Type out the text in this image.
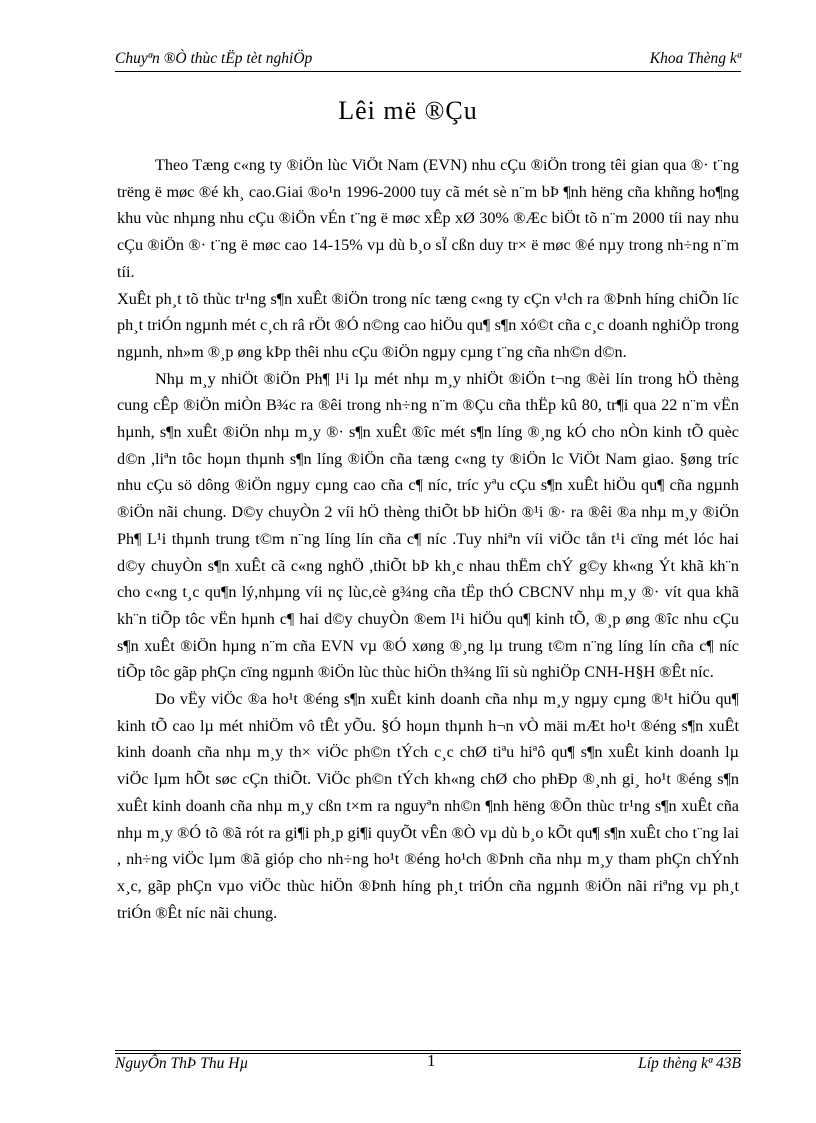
Chuyªn ®Ò thùc tËp tèt nghiÖp	Khoa Thèng kª
Lêi më ®Çu

Theo Tæng c«ng ty ®iÖn lùc ViÖt Nam (EVN) nhu cÇu ®iÖn trong têi gian qua ®· t¨ng trëng ë møc ®é kh¸ cao.Giai ®o¹n 1996-2000 tuy cã mét sè n¨m bÞ ¶nh hëng cña khñng ho¶ng khu vùc nhµng nhu cÇu ®iÖn vÉn t¨ng ë møc xÊp xØ 30% ®Æc biÖt tõ n¨m 2000 tíi nay nhu cÇu ®iÖn ®· t¨ng ë møc cao 14-15% vµ dù b¸o sÏ cßn duy tr× ë møc ®é nµy trong nh÷ng n¨m tíi.

XuÊt ph¸t tõ thùc tr¹ng s¶n xuÊt ®iÖn trong níc tæng c«ng ty cÇn v¹ch ra ®Þnh híng chiÕn líc ph¸t triÓn ngµnh mét c¸ch râ rÖt ®Ó n©ng cao hiÖu qu¶ s¶n xó©t cña c¸c doanh nghiÖp trong ngµnh, nh»m ®¸p øng kÞp thêi nhu cÇu ®iÖn ngµy cµng t¨ng cña nh©n d©n.

Nhµ m¸y nhiÖt ®iÖn Ph¶ l¹i lµ mét nhµ m¸y nhiÖt ®iÖn t¬ng ®èi lín trong hÖ thèng cung cÊp ®iÖn miÒn B¾c ra ®êi trong nh÷ng n¨m ®Çu cña thËp kû 80, tr¶i qua 22 n¨m vËn hµnh, s¶n xuÊt ®iÖn nhµ m¸y ®· s¶n xuÊt ®îc mét s¶n líng ®¸ng kÓ cho nÒn kinh tÕ quèc d©n ,liªn tôc hoµn thµnh s¶n líng ®iÖn cña tæng c«ng ty ®iÖn lc ViÖt Nam giao. §øng tríc nhu cÇu sö dông ®iÖn ngµy cµng cao cña c¶ níc, tríc yªu cÇu s¶n xuÊt hiÖu qu¶ cña ngµnh ®iÖn nãi chung. D©y chuyÒn 2 víi hÖ thèng thiÕt bÞ hiÖn ®¹i ®· ra ®êi ®a nhµ m¸y ®iÖn Ph¶ L¹i thµnh trung t©m n¨ng líng lín cña c¶ níc .Tuy nhiªn víi viÖc tån t¹i cïng mét lóc hai d©y chuyÒn s¶n xuÊt cã c«ng nghÖ ,thiÕt bÞ kh¸c nhau thËm chÝ g©y kh«ng Ýt khã kh¨n cho c«ng t¸c qu¶n lý,nhµng víi nç lùc,cè g¾ng cña tËp thÓ CBCNV nhµ m¸y ®· vít qua khã kh¨n tiÕp tôc vËn hµnh c¶ hai d©y chuyÒn ®em l¹i hiÖu qu¶ kinh tÕ, ®¸p øng ®îc nhu cÇu s¶n xuÊt ®iÖn hµng n¨m cña EVN vµ ®Ó xøng ®¸ng lµ trung t©m n¨ng líng lín cña c¶ níc tiÕp tôc gãp phÇn cïng ngµnh ®iÖn lùc thùc hiÖn th¾ng lîi sù nghiÖp CNH-H§H ®Êt níc.

Do vËy viÖc ®a ho¹t ®éng s¶n xuÊt kinh doanh cña nhµ m¸y ngµy cµng ®¹t hiÖu qu¶ kinh tÕ cao lµ mét nhiÖm vô tÊt yÕu. §Ó hoµn thµnh h¬n vÒ mäi mÆt ho¹t ®éng s¶n xuÊt kinh doanh cña nhµ m¸y th× viÖc ph©n tÝch c¸c chØ tiªu hiªô qu¶ s¶n xuÊt kinh doanh lµ viÖc lµm hÕt søc cÇn thiÕt. ViÖc ph©n tÝch kh«ng chØ cho phÐp ®¸nh gi¸ ho¹t ®éng s¶n xuÊt kinh doanh cña nhµ m¸y cßn t×m ra nguyªn nh©n ¶nh hëng ®Õn thùc tr¹ng s¶n xuÊt cña nhµ m¸y ®Ó tõ ®ã rót ra gi¶i ph¸p gi¶i quyÕt vÊn ®Ò vµ dù b¸o kÕt qu¶ s¶n xuÊt cho t¨ng lai , nh÷ng viÖc lµm ®ã gióp cho nh÷ng ho¹t ®éng ho¹ch ®Þnh cña nhµ m¸y tham phÇn chÝnh x¸c, gãp phÇn vµo viÖc thùc hiÖn ®Þnh híng ph¸t triÓn cña ngµnh ®iÖn nãi riªng vµ ph¸t triÓn ®Êt níc nãi chung.

NguyÔn ThÞ Thu Hµ	1	Líp thèng kª 43B
